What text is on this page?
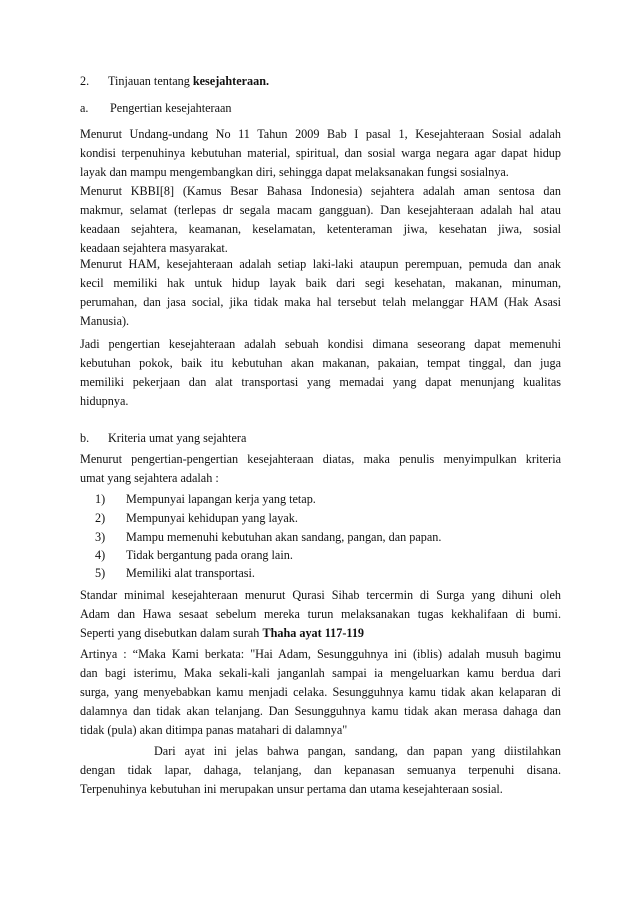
2. Tinjauan tentang kesejahteraan.
a. Pengertian kesejahteraan
Menurut Undang-undang No 11 Tahun 2009 Bab I pasal 1, Kesejahteraan Sosial adalah
kondisi terpenuhinya kebutuhan material, spiritual, dan sosial warga negara agar dapat hidup
layak dan mampu mengembangkan diri, sehingga dapat melaksanakan fungsi sosialnya.
Menurut KBBI[8] (Kamus Besar Bahasa Indonesia) sejahtera adalah aman sentosa dan
makmur, selamat (terlepas dr segala macam gangguan). Dan kesejahteraan adalah hal atau
keadaan sejahtera, keamanan, keselamatan, ketenteraman jiwa, kesehatan jiwa, sosial
keadaan sejahtera masyarakat.
Menurut HAM, kesejahteraan adalah setiap laki-laki ataupun perempuan, pemuda dan anak
kecil memiliki hak untuk hidup layak baik dari segi kesehatan, makanan, minuman,
perumahan, dan jasa social, jika tidak maka hal tersebut telah melanggar HAM (Hak Asasi
Manusia).
Jadi pengertian kesejahteraan adalah sebuah kondisi dimana seseorang dapat memenuhi
kebutuhan pokok, baik itu kebutuhan akan makanan, pakaian, tempat tinggal, dan juga
memiliki pekerjaan dan alat transportasi yang memadai yang dapat menunjang kualitas
hidupnya.
b. Kriteria umat yang sejahtera
Menurut pengertian-pengertian kesejahteraan diatas, maka penulis menyimpulkan kriteria
umat yang sejahtera adalah :
1) Mempunyai lapangan kerja yang tetap.
2) Mempunyai kehidupan yang layak.
3) Mampu memenuhi kebutuhan akan sandang, pangan, dan papan.
4) Tidak bergantung pada orang lain.
5) Memiliki alat transportasi.
Standar minimal kesejahteraan menurut Qurasi Sihab tercermin di Surga yang dihuni oleh
Adam dan Hawa sesaat sebelum mereka turun melaksanakan tugas kekhalifaan di bumi.
Seperti yang disebutkan dalam surah Thaha ayat 117-119
Artinya : “Maka Kami berkata: "Hai Adam, Sesungguhnya ini (iblis) adalah musuh bagimu
dan bagi isterimu, Maka sekali-kali janganlah sampai ia mengeluarkan kamu berdua dari
surga, yang menyebabkan kamu menjadi celaka. Sesungguhnya kamu tidak akan kelaparan di
dalamnya dan tidak akan telanjang. Dan Sesungguhnya kamu tidak akan merasa dahaga dan
tidak (pula) akan ditimpa panas matahari di dalamnya"
Dari ayat ini jelas bahwa pangan, sandang, dan papan yang diistilahkan
dengan tidak lapar, dahaga, telanjang, dan kepanasan semuanya terpenuhi disana.
Terpenuhinya kebutuhan ini merupakan unsur pertama dan utama kesejahteraan sosial.
